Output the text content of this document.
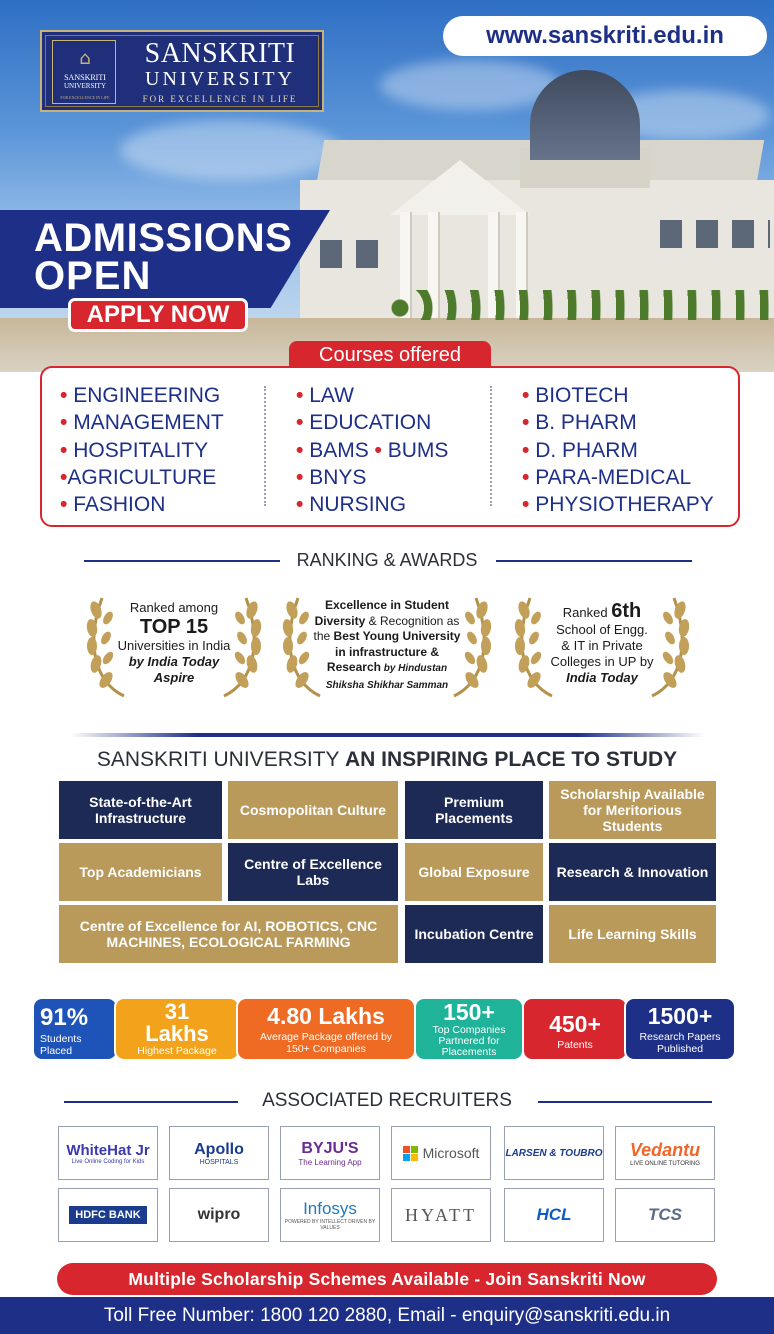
⌂
SANSKRITI
UNIVERSITY
FOR EXCELLENCE IN LIFE
SANSKRITI
UNIVERSITY
FOR EXCELLENCE IN LIFE
www.sanskriti.edu.in
ADMISSIONS
OPEN
APPLY NOW
Courses offered
• ENGINEERING
• MANAGEMENT
• HOSPITALITY
•AGRICULTURE
• FASHION
• LAW
• EDUCATION
• BAMS • BUMS
• BNYS
• NURSING
• BIOTECH
• B. PHARM
• D. PHARM
• PARA-MEDICAL
• PHYSIOTHERAPY
RANKING & AWARDS
Ranked among
TOP 15
Universities in India
by India Today
Aspire
Excellence in Student
Diversity & Recognition as
the Best Young University
in infrastructure &
Research by Hindustan
Shiksha Shikhar Samman
Ranked 6th
School of Engg.
& IT in Private
Colleges in UP by
India Today
SANSKRITI UNIVERSITY AN INSPIRING PLACE TO STUDY
State-of-the-Art Infrastructure	Cosmopolitan Culture	Premium Placements
Scholarship Available for Meritorious Students
Top Academicians	Centre of Excellence Labs	Global Exposure	Research & Innovation
Centre of Excellence for AI, ROBOTICS, CNC MACHINES, ECOLOGICAL FARMING	Incubation Centre	Life Learning Skills
91%
Students
Placed
31
Lakhs
Highest Package
4.80 Lakhs
Average Package offered by
150+ Companies
150+
Top Companies
Partnered for
Placements
450+
Patents
1500+
Research Papers
Published
ASSOCIATED RECRUITERS
WhiteHat Jr
Live Online Coding for Kids
Apollo
HOSPITALS
BYJU'S
The Learning App
Microsoft	LARSEN & TOUBRO Vedantu
LIVE ONLINE TUTORING
HDFC BANK	wipro	Infosys
POWERED BY INTELLECT DRIVEN BY VALUES
HYATT	HCL	TCS
Multiple Scholarship Schemes Available - Join Sanskriti Now
Toll Free Number: 1800 120 2880, Email - enquiry@sanskriti.edu.in
